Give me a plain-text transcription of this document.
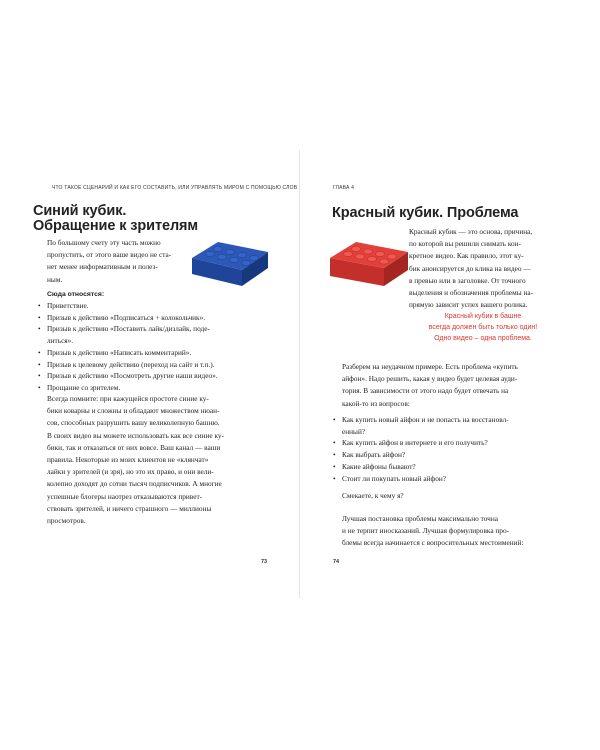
ЧТО ТАКОЕ СЦЕНАРИЙ И КАК ЕГО СОСТАВИТЬ, ИЛИ УПРАВЛЯТЬ МИРОМ С ПОМОЩЬЮ СЛОВ
Синий кубик.
Обращение к зрителям
По большому счету эту часть можно
пропустить, от этого ваше видео не ста-
нет менее информативным и полез-
ным.
Сюда относятся:
• Приветствие.
• Призыв к действию «Подписаться + колокольчик».
• Призыв к действию «Поставить лайк/дизлайк, поде-
литься».
• Призыв к действию «Написать комментарий».
• Призыв к целевому действию (переход на сайт и т.п.).
• Призыв к действию «Посмотреть другие наши видео».
• Прощание со зрителем.
Всегда помните: при кажущейся простоте синие ку-
бики коварны и сложны и обладают множеством нюан-
сов, способных разрушить вашу великолепную башню.
В своих видео вы можете использовать как все синие ку-
бики, так и отказаться от них вовсе. Ваш канал — ваши
правила. Некоторые из моих клиентов не «клянчат»
лайки у зрителей (и зря), но это их право, и они вели-
колепно доходят до сотни тысяч подписчиков. А многие
успешные блогеры наотрез отказываются привет-
ствовать зрителей, и ничего страшного — миллионы
просмотров.
73
ГЛАВА 4
Красный кубик. Проблема
Красный кубик — это основа, причина,
по которой вы решили снимать кон-
кретное видео. Как правило, этот ку-
бик анонсируется до клика на видео —
в превью или в заголовке. От точного
выделения и обозначения проблемы на-
прямую зависит успех вашего ролика.
Красный кубик в башне
всегда должен быть только один!
Одно видео – одна проблема.
Разберем на неудачном примере. Есть проблема «купить
айфон». Надо решить, какая у видео будет целевая ауди-
тория. В зависимости от этого надо будет отвечать на
какой-то из вопросов:
• Как купить новый айфон и не попасть на восстановл-
енный?
• Как купить айфон в интернете и его получить?
• Как выбрать айфон?
• Какие айфоны бывают?
• Стоит ли покупать новый айфон?
Смекаете, к чему я?
Лучшая постановка проблемы максимально точна
и не терпит иносказаний. Лучшая формулировка про-
блемы всегда начинается с вопросительных местоимений:
74
